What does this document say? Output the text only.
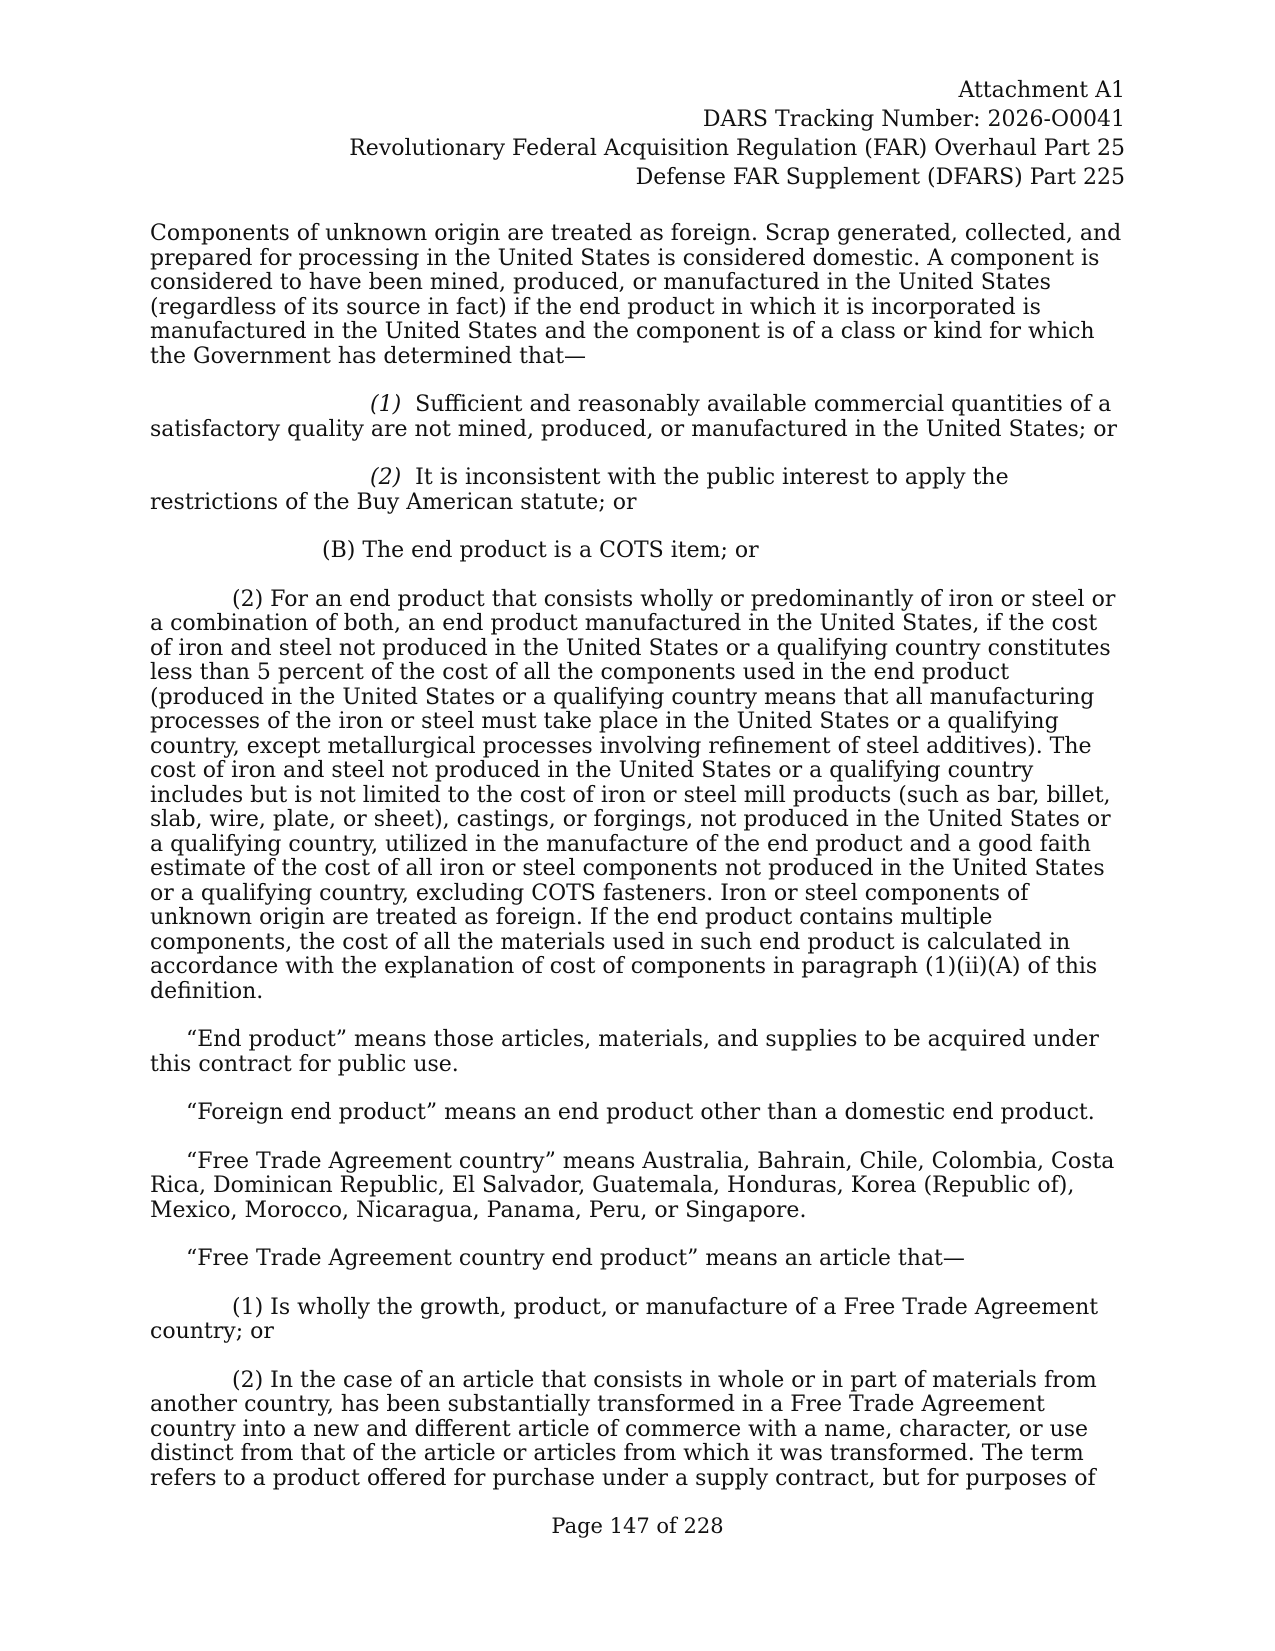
Attachment A1
DARS Tracking Number: 2026-O0041
Revolutionary Federal Acquisition Regulation (FAR) Overhaul Part 25
Defense FAR Supplement (DFARS) Part 225

Components of unknown origin are treated as foreign. Scrap generated, collected, and prepared for processing in the United States is considered domestic. A component is considered to have been mined, produced, or manufactured in the United States (regardless of its source in fact) if the end product in which it is incorporated is manufactured in the United States and the component is of a class or kind for which the Government has determined that—

(1) Sufficient and reasonably available commercial quantities of a satisfactory quality are not mined, produced, or manufactured in the United States; or

(2) It is inconsistent with the public interest to apply the restrictions of the Buy American statute; or

(B) The end product is a COTS item; or

(2) For an end product that consists wholly or predominantly of iron or steel or a combination of both, an end product manufactured in the United States, if the cost of iron and steel not produced in the United States or a qualifying country constitutes less than 5 percent of the cost of all the components used in the end product (produced in the United States or a qualifying country means that all manufacturing processes of the iron or steel must take place in the United States or a qualifying country, except metallurgical processes involving refinement of steel additives). The cost of iron and steel not produced in the United States or a qualifying country includes but is not limited to the cost of iron or steel mill products (such as bar, billet, slab, wire, plate, or sheet), castings, or forgings, not produced in the United States or a qualifying country, utilized in the manufacture of the end product and a good faith estimate of the cost of all iron or steel components not produced in the United States or a qualifying country, excluding COTS fasteners. Iron or steel components of unknown origin are treated as foreign. If the end product contains multiple components, the cost of all the materials used in such end product is calculated in accordance with the explanation of cost of components in paragraph (1)(ii)(A) of this definition.

“End product” means those articles, materials, and supplies to be acquired under this contract for public use.

“Foreign end product” means an end product other than a domestic end product.

“Free Trade Agreement country” means Australia, Bahrain, Chile, Colombia, Costa Rica, Dominican Republic, El Salvador, Guatemala, Honduras, Korea (Republic of), Mexico, Morocco, Nicaragua, Panama, Peru, or Singapore.

“Free Trade Agreement country end product” means an article that—

(1) Is wholly the growth, product, or manufacture of a Free Trade Agreement country; or

(2) In the case of an article that consists in whole or in part of materials from another country, has been substantially transformed in a Free Trade Agreement country into a new and different article of commerce with a name, character, or use distinct from that of the article or articles from which it was transformed. The term refers to a product offered for purchase under a supply contract, but for purposes of

Page 147 of 228
